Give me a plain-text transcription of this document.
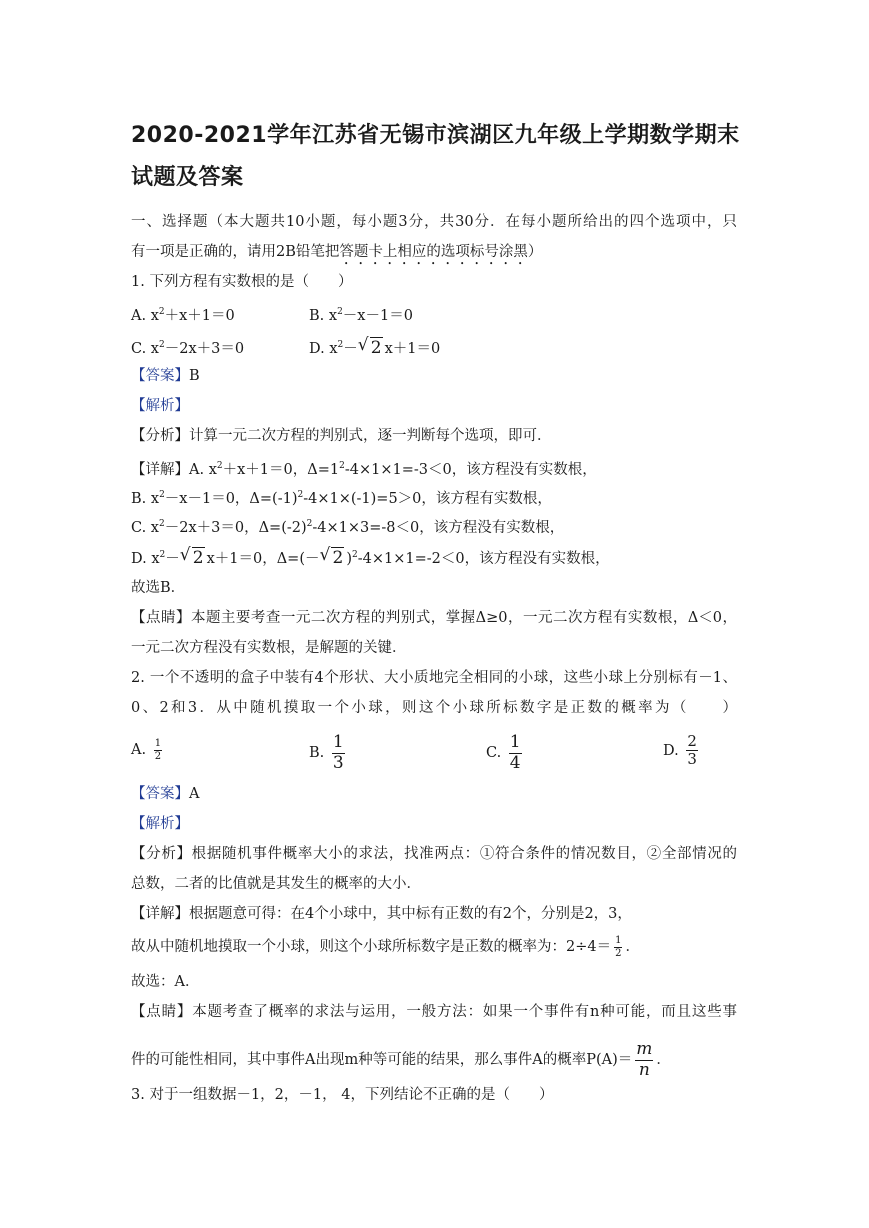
2020-2021学年江苏省无锡市滨湖区九年级上学期数学期末
试题及答案
一、选择题（本大题共10小题，每小题3分，共30分．在每小题所给出的四个选项中，只
有一项是正确的，请用2B铅笔把答题卡上相应的选项标号涂黑）
1. 下列方程有实数根的是（　　）
A. $x^2+x+1=0$	B. $x^2-x-1=0$
C. $x^2-2x+3=0$	D. $x^2-√$ 2 x＋1＝0
【答案】B
【解析】
【分析】计算一元二次方程的判别式，逐一判断每个选项，即可．
【详解】A. $x^2+x+1=0$，$\Delta=1^2-4\times 1\times 1=-3<0$，该方程没有实数根，
B. $x^2-x-1=0$，$\Delta=(-1)^2-4\times 1\times(-1)=5>0$，该方程有实数根，
C. $x^2-2x+3=0$，$\Delta=(-2)^2-4\times 1\times 3=-8<0$，该方程没有实数根，
D. $x^2-√$ 2 x＋1＝0，Δ=(－√ 2 )$^2$-4×1×1=-2＜0，该方程没有实数根，
故选B．
【点睛】本题主要考查一元二次方程的判别式，掌握Δ≥0，一元二次方程有实数根，Δ＜0，
一元二次方程没有实数根，是解题的关键．
2. 一个不透明的盒子中装有4个形状、大小质地完全相同的小球，这些小球上分别标有－1、
0、2和3．从中随机摸取一个小球，则这个小球所标数字是正数的概率为（　　）
A. $\frac{1}{2}$	B. $\frac{1}{3}$	C. $\frac{1}{4}$	D. $\frac{2}{3}$
【答案】A
【解析】
【分析】根据随机事件概率大小的求法，找准两点：①符合条件的情况数目，②全部情况的
总数，二者的比值就是其发生的概率的大小．
【详解】根据题意可得：在4个小球中，其中标有正数的有2个，分别是2，3，
故从中随机地摸取一个小球，则这个小球所标数字是正数的概率为：$2\div 4= \frac{1}{2}$ ．
故选：A．
【点睛】本题考查了概率的求法与运用，一般方法：如果一个事件有n种可能，而且这些事
件的可能性相同，其中事件A出现m种等可能的结果，那么事件A的概率$P(A)= \frac{m}{n}$ ．
3. 对于一组数据－1，2，－1， 4，下列结论不正确的是（　　）
